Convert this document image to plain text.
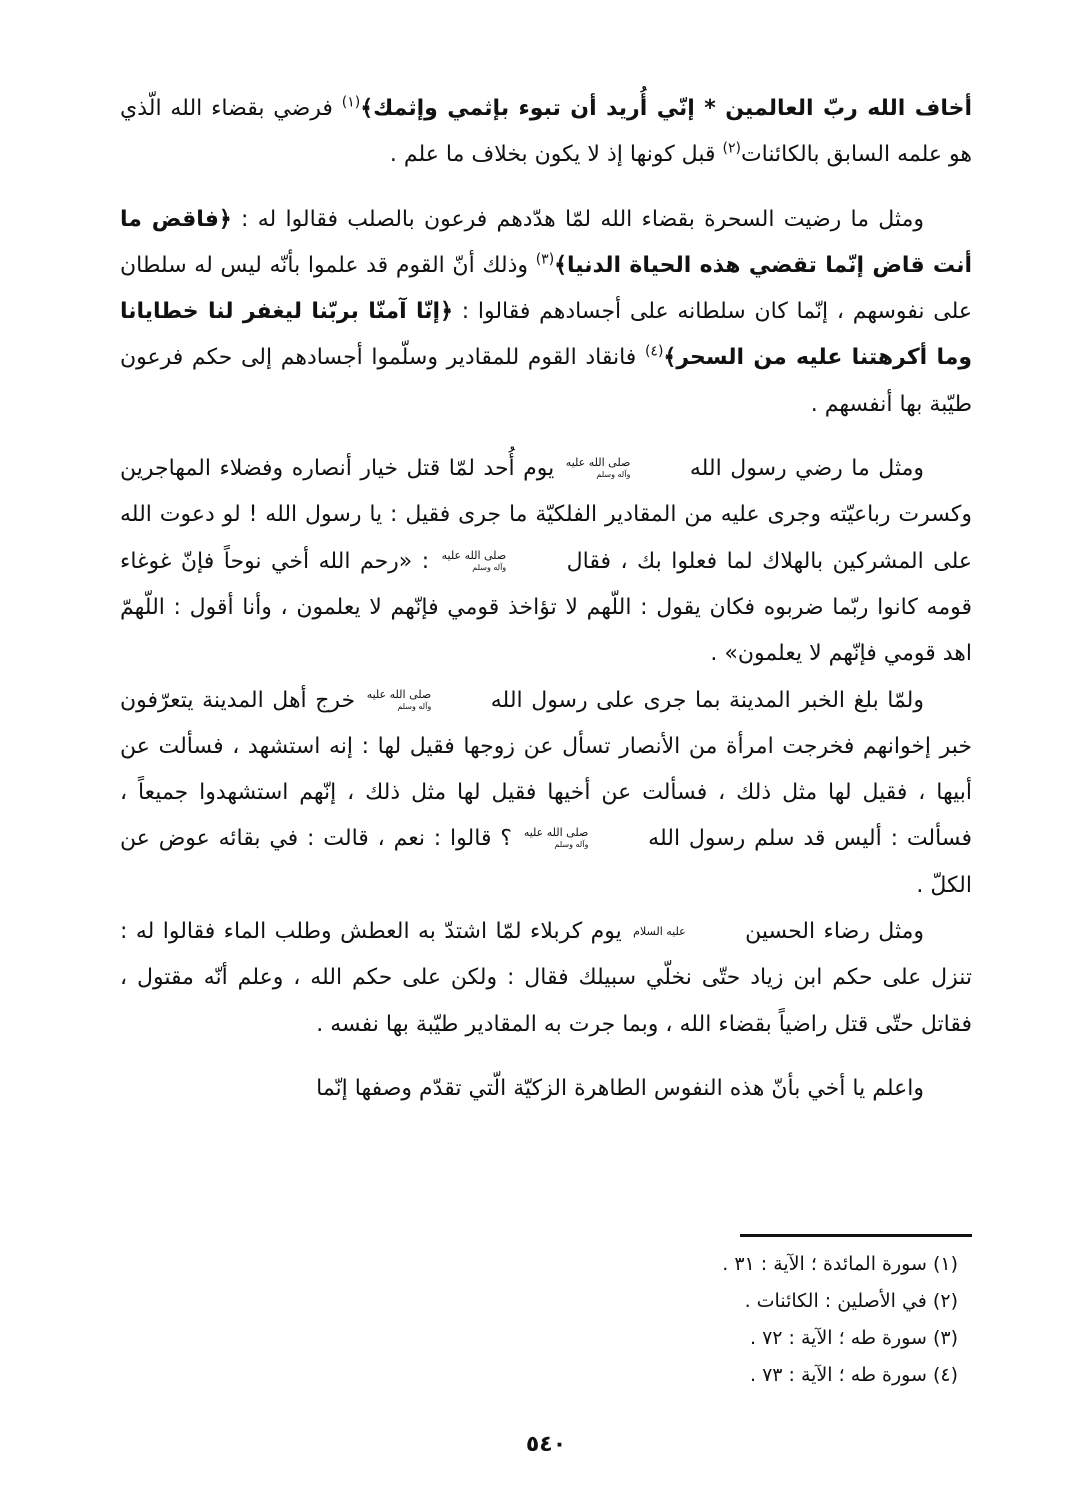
أخاف الله ربّ العالمين * إنّي أُريد أن تبوء بإثمي وإثمك﴾$^{(١)}$ فرضي بقضاء الله الّذي هو علمه السابق بالكائنات$^{(٢)}$ قبل كونها إذ لا يكون بخلاف ما علم .

ومثل ما رضيت السحرة بقضاء الله لمّا هدّدهم فرعون بالصلب فقالوا له : ﴿فاقض ما أنت قاض إنّما تقضي هذه الحياة الدنيا﴾$^{(٣)}$ وذلك أنّ القوم قد علموا بأنّه ليس له سلطان على نفوسهم ، إنّما كان سلطانه على أجسادهم فقالوا : ﴿إنّا آمنّا بربّنا ليغفر لنا خطايانا وما أكرهتنا عليه من السحر﴾$^{(٤)}$ فانقاد القوم للمقادير وسلّموا أجسادهم إلى حكم فرعون طيّبة بها أنفسهم .

ومثل ما رضي رسول الله
صلى الله عليه
وآله وسلم
يوم أُحد لمّا قتل خيار أنصاره وفضلاء المهاجرين وكسرت رباعيّته وجرى عليه من المقادير الفلكيّة ما جرى فقيل : يا رسول الله ! لو دعوت الله على المشركين بالهلاك لما فعلوا بك ، فقال
صلى الله عليه
وآله وسلم
: «رحم الله أخي نوحاً فإنّ غوغاء قومه كانوا ربّما ضربوه فكان يقول : اللّهم لا تؤاخذ قومي فإنّهم لا يعلمون ، وأنا أقول : اللّهمّ اهد قومي فإنّهم لا يعلمون» .

ولمّا بلغ الخبر المدينة بما جرى على رسول الله
صلى الله عليه
وآله وسلم
خرج أهل المدينة يتعرّفون خبر إخوانهم فخرجت امرأة من الأنصار تسأل عن زوجها فقيل لها : إنه استشهد ، فسألت عن أبيها ، فقيل لها مثل ذلك ، فسألت عن أخيها فقيل لها مثل ذلك ، إنّهم استشهدوا جميعاً ، فسألت : أليس قد سلم رسول الله
صلى الله عليه
وآله وسلم
؟ قالوا : نعم ، قالت : في بقائه عوض عن الكلّ .

ومثل رضاء الحسين عليه السلام يوم كربلاء لمّا اشتدّ به العطش وطلب الماء فقالوا له : تنزل على حكم ابن زياد حتّى نخلّي سبيلك فقال : ولكن على حكم الله ، وعلم أنّه مقتول ، فقاتل حتّى قتل راضياً بقضاء الله ، وبما جرت به المقادير طيّبة بها نفسه .

واعلم يا أخي بأنّ هذه النفوس الطاهرة الزكيّة الّتي تقدّم وصفها إنّما

(١) سورة المائدة ؛ الآية : ٣١ .
(٢) في الأصلين : الكائنات .
(٣) سورة طه ؛ الآية : ٧٢ .
(٤) سورة طه ؛ الآية : ٧٣ .
٥٤٠
